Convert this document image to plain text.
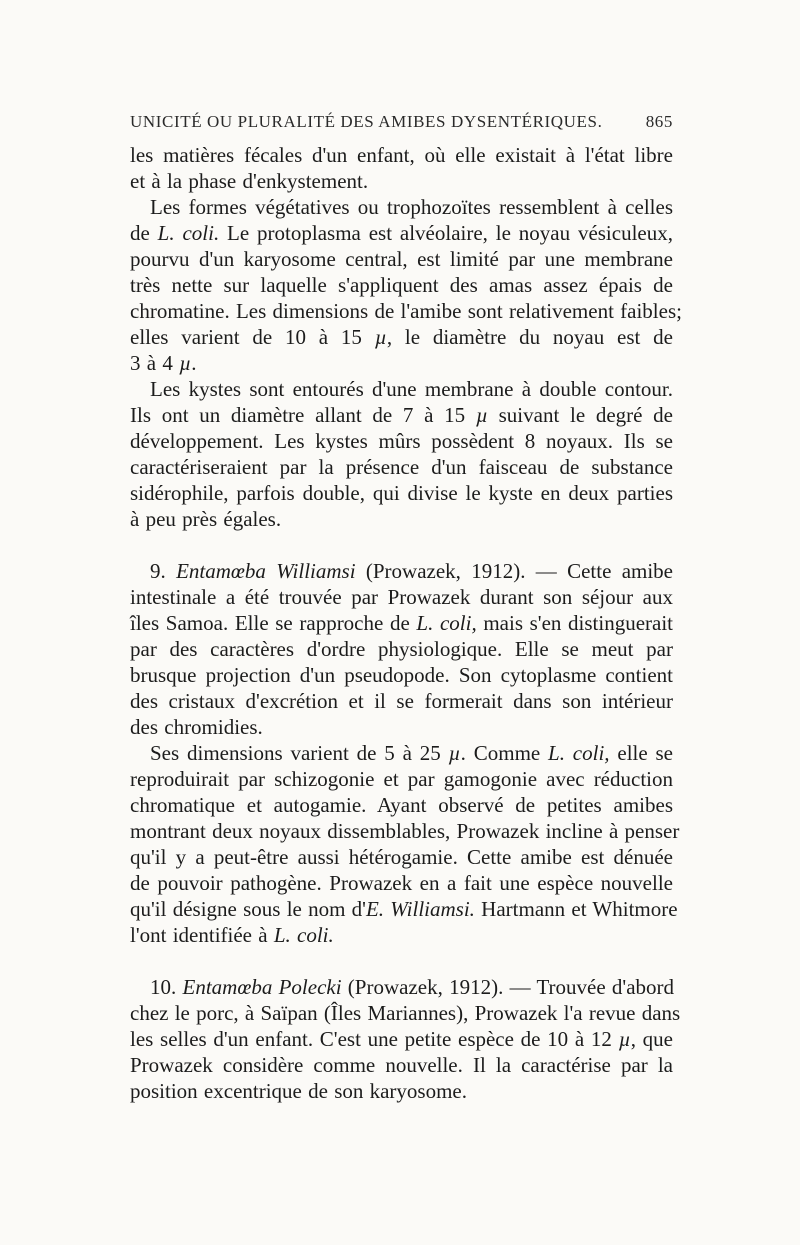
UNICITÉ OU PLURALITÉ DES AMIBES DYSENTÉRIQUES.	865
les matières fécales d'un enfant, où elle existait à l'état libre
et à la phase d'enkystement.
Les formes végétatives ou trophozoïtes ressemblent à celles
de L. coli. Le protoplasma est alvéolaire, le noyau vésiculeux,
pourvu d'un karyosome central, est limité par une membrane
très nette sur laquelle s'appliquent des amas assez épais de
chromatine. Les dimensions de l'amibe sont relativement faibles;
elles varient de 10 à 15 µ, le diamètre du noyau est de
3 à 4 µ.
Les kystes sont entourés d'une membrane à double contour.
Ils ont un diamètre allant de 7 à 15 µ suivant le degré de
développement. Les kystes mûrs possèdent 8 noyaux. Ils se
caractériseraient par la présence d'un faisceau de substance
sidérophile, parfois double, qui divise le kyste en deux parties
à peu près égales.
9. Entamœba Williamsi (Prowazek, 1912). — Cette amibe
intestinale a été trouvée par Prowazek durant son séjour aux
îles Samoa. Elle se rapproche de L. coli, mais s'en distinguerait
par des caractères d'ordre physiologique. Elle se meut par
brusque projection d'un pseudopode. Son cytoplasme contient
des cristaux d'excrétion et il se formerait dans son intérieur
des chromidies.
Ses dimensions varient de 5 à 25 µ. Comme L. coli, elle se
reproduirait par schizogonie et par gamogonie avec réduction
chromatique et autogamie. Ayant observé de petites amibes
montrant deux noyaux dissemblables, Prowazek incline à penser
qu'il y a peut-être aussi hétérogamie. Cette amibe est dénuée
de pouvoir pathogène. Prowazek en a fait une espèce nouvelle
qu'il désigne sous le nom d'E. Williamsi. Hartmann et Whitmore
l'ont identifiée à L. coli.
10. Entamœba Polecki (Prowazek, 1912). — Trouvée d'abord
chez le porc, à Saïpan (Îles Mariannes), Prowazek l'a revue dans
les selles d'un enfant. C'est une petite espèce de 10 à 12 µ, que
Prowazek considère comme nouvelle. Il la caractérise par la
position excentrique de son karyosome.
